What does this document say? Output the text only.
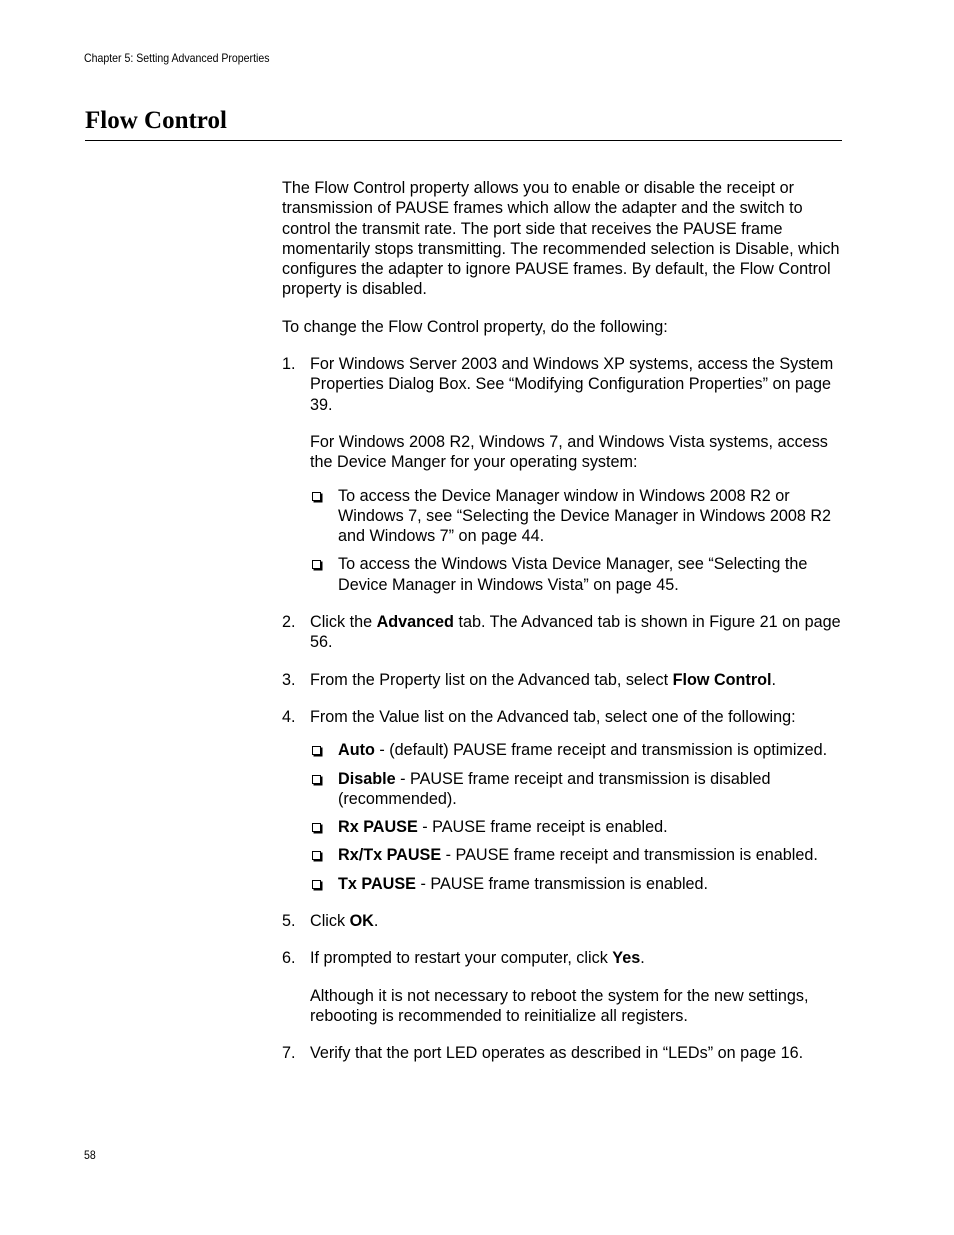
Chapter 5: Setting Advanced Properties
Flow Control

The Flow Control property allows you to enable or disable the receipt or transmission of PAUSE frames which allow the adapter and the switch to control the transmit rate. The port side that receives the PAUSE frame momentarily stops transmitting. The recommended selection is Disable, which configures the adapter to ignore PAUSE frames. By default, the Flow Control property is disabled.

To change the Flow Control property, do the following:

1. For Windows Server 2003 and Windows XP systems, access the System Properties Dialog Box. See “Modifying Configuration Properties” on page 39.

For Windows 2008 R2, Windows 7, and Windows Vista systems, access the Device Manger for your operating system:

To access the Device Manager window in Windows 2008 R2 or Windows 7, see “Selecting the Device Manager in Windows 2008 R2 and Windows 7” on page 44.
To access the Windows Vista Device Manager, see “Selecting the Device Manager in Windows Vista” on page 45.
2. Click the Advanced tab. The Advanced tab is shown in Figure 21 on page 56.

3. From the Property list on the Advanced tab, select Flow Control.

4. From the Value list on the Advanced tab, select one of the following:

Auto - (default) PAUSE frame receipt and transmission is optimized.
Disable - PAUSE frame receipt and transmission is disabled (recommended).
Rx PAUSE - PAUSE frame receipt is enabled.
Rx/Tx PAUSE - PAUSE frame receipt and transmission is enabled.
Tx PAUSE - PAUSE frame transmission is enabled.
5. Click OK.

6. If prompted to restart your computer, click Yes.

Although it is not necessary to reboot the system for the new settings, rebooting is recommended to reinitialize all registers.

7. Verify that the port LED operates as described in “LEDs” on page 16.

58
